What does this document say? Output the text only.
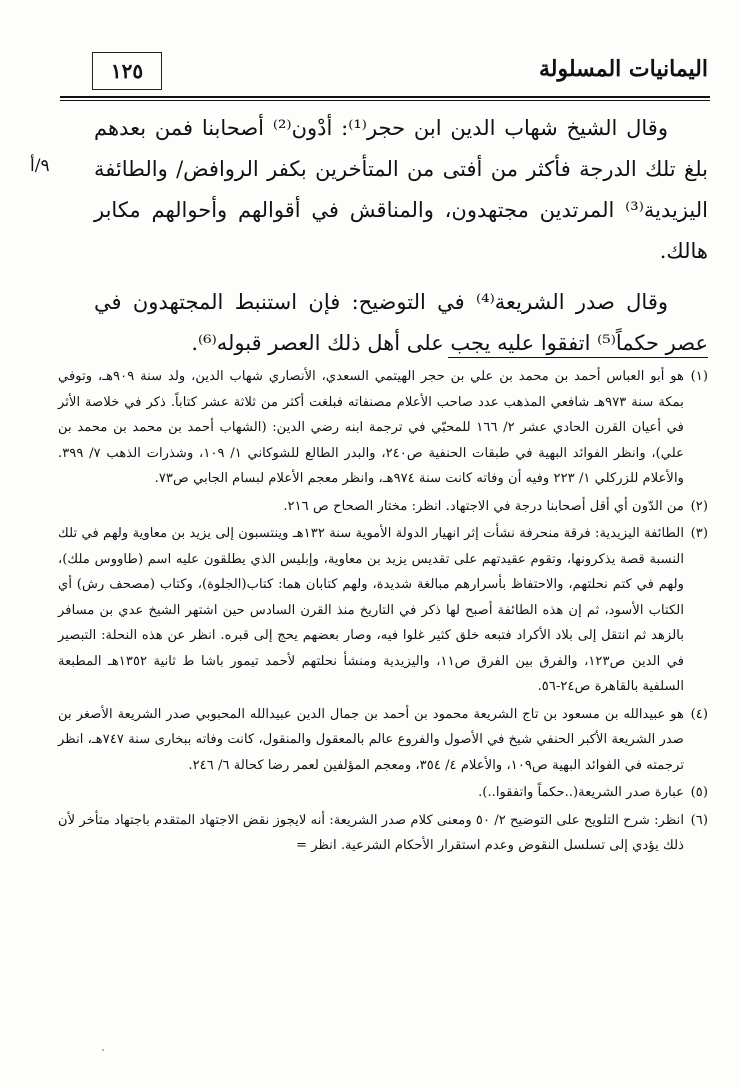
اليمانيات المسلولة
١٢٥
٩/أ

وقال الشيخ شهاب الدين ابن حجر⁽¹⁾: أدْون⁽²⁾ أصحابنا فمن بعدهم بلغ تلك الدرجة فأكثر من أفتى من المتأخرين بكفر الروافض/ والطائفة اليزيدية⁽³⁾ المرتدين مجتهدون، والمناقش في أقوالهم وأحوالهم مكابر هالك.

وقال صدر الشريعة⁽⁴⁾ في التوضيح: فإن استنبط المجتهدون في عصر حكماً⁽⁵⁾ اتفقوا عليه يجب على أهل ذلك العصر قبوله⁽⁶⁾.

(١)
هو أبو العباس أحمد بن محمد بن علي بن حجر الهيتمي السعدي، الأنصاري شهاب الدين، ولد سنة ٩٠٩هـ، وتوفي بمكة سنة ٩٧٣هـ شافعي المذهب عدد صاحب الأعلام مصنفاته فبلغت أكثر من ثلاثة عشر كتاباً. ذكر في خلاصة الأثر في أعيان القرن الحادي عشر ٢/ ١٦٦ للمحبّي في ترجمة ابنه رضي الدين: (الشهاب أحمد بن محمد بن محمد بن علي)، وانظر الفوائد البهية في طبقات الحنفية ص٢٤٠، والبدر الطالع للشوكاني ١/ ١٠٩، وشذرات الذهب ٧/ ٣٩٩. والأعلام للزركلي ١/ ٢٢٣ وفيه أن وفاته كانت سنة ٩٧٤هـ، وانظر معجم الأعلام لبسام الجابي ص٧٣.
(٢)
من الدّون أي أقل أصحابنا درجة في الاجتهاد. انظر: مختار الصحاح ص ٢١٦.
(٣)
الطائفة اليزيدية: فرقة منحرفة نشأت إثر انهيار الدولة الأموية سنة ١٣٢هـ وينتسبون إلى يزيد بن معاوية ولهم في تلك النسبة قصة يذكرونها، وتقوم عقيدتهم على تقديس يزيد بن معاوية، وإبليس الذي يطلقون عليه اسم (طاووس ملك)، ولهم في كتم نحلتهم، والاحتفاظ بأسرارهم مبالغة شديدة، ولهم كتابان هما: كتاب(الجلوة)، وكتاب (مصحف رش) أي الكتاب الأسود، ثم إن هذه الطائفة أصبح لها ذكر في التاريخ منذ القرن السادس حين اشتهر الشيخ عدي بن مسافر بالزهد ثم انتقل إلى بلاد الأكراد فتبعه خلق كثير غلوا فيه، وصار بعضهم يحج إلى قبره. انظر عن هذه النحلة: التبصير في الدين ص١٢٣، والفرق بين الفرق ص١١، واليزيدية ومنشأ نحلتهم لأحمد تيمور باشا ط ثانية ١٣٥٢هـ المطبعة السلفية بالقاهرة ص٢٤-٥٦.
(٤)
هو عبيدالله بن مسعود بن تاج الشريعة محمود بن أحمد بن جمال الدين عبيدالله المحبوبي صدر الشريعة الأصغر بن صدر الشريعة الأكبر الحنفي شيخ في الأصول والفروع عالم بالمعقول والمنقول، كانت وفاته ببخارى سنة ٧٤٧هـ، انظر ترجمته في الفوائد البهية ص١٠٩، والأعلام ٤/ ٣٥٤، ومعجم المؤلفين لعمر رضا كحالة ٦/ ٢٤٦.
(٥)
عبارة صدر الشريعة(..حكماً واتفقوا..).
(٦)
انظر: شرح التلويح على التوضيح ٢/ ٥٠ ومعنى كلام صدر الشريعة: أنه لايجوز نقض الاجتهاد المتقدم باجتهاد متأخر لأن ذلك يؤدي إلى تسلسل النقوض وعدم استقرار الأحكام الشرعية. انظر =
